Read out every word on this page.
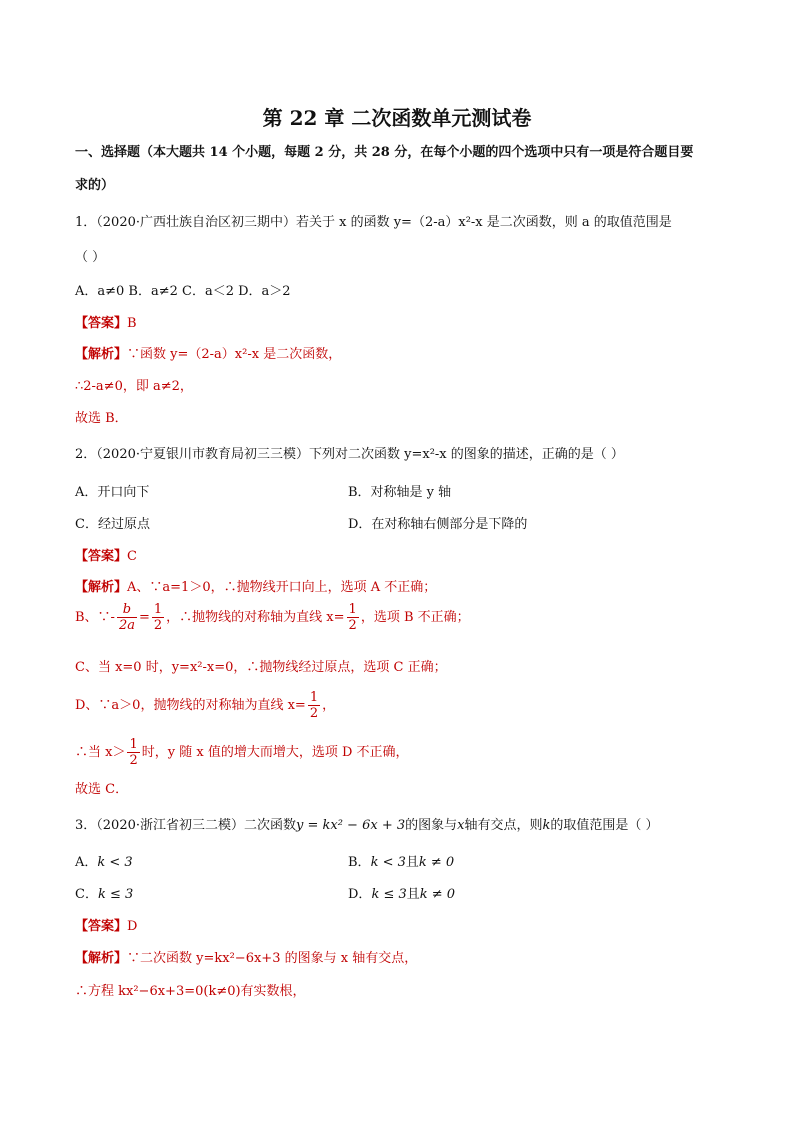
第 22 章 二次函数单元测试卷
一、选择题（本大题共 14 个小题，每题 2 分，共 28 分，在每个小题的四个选项中只有一项是符合题目要
求的）
1．（2020·广西壮族自治区初三期中）若关于 x 的函数 y=（2-a）x²-x 是二次函数，则 a 的取值范围是
（ ）
A．a≠0 B．a≠2 C．a＜2 D．a＞2
【答案】B
【解析】∵函数 y=（2-a）x²-x 是二次函数，
∴2-a≠0，即 a≠2，
故选 B．
2．（2020·宁夏银川市教育局初三三模）下列对二次函数 y=x²-x 的图象的描述，正确的是（ ）
A．开口向下	B．对称轴是 y 轴
C．经过原点	D．在对称轴右侧部分是下降的
【答案】C
【解析】A、∵a=1＞0，∴抛物线开口向上，选项 A 不正确；
B、∵- $\frac{b}{2a} = \frac{1}{2}$ ，∴抛物线的对称轴为直线 $x= \frac{1}{2}$ ，选项 B 不正确；
C、当 x=0 时，y=x²-x=0，∴抛物线经过原点，选项 C 正确；
D、∵a＞0，抛物线的对称轴为直线 $x= \frac{1}{2}$ ，
∴当 $x> \frac{1}{2}$ 时，y 随 x 值的增大而增大，选项 D 不正确，
故选 C．
3．（2020·浙江省初三二模）二次函数y = kx² − 6x + 3的图象与x轴有交点，则k的取值范围是（ ）
A．k < 3	B．k < 3且k ≠ 0
C．k ≤ 3	D．k ≤ 3且k ≠ 0
【答案】D
【解析】∵二次函数 y=kx²−6x+3 的图象与 x 轴有交点，
∴方程 kx²−6x+3=0(k≠0)有实数根，
